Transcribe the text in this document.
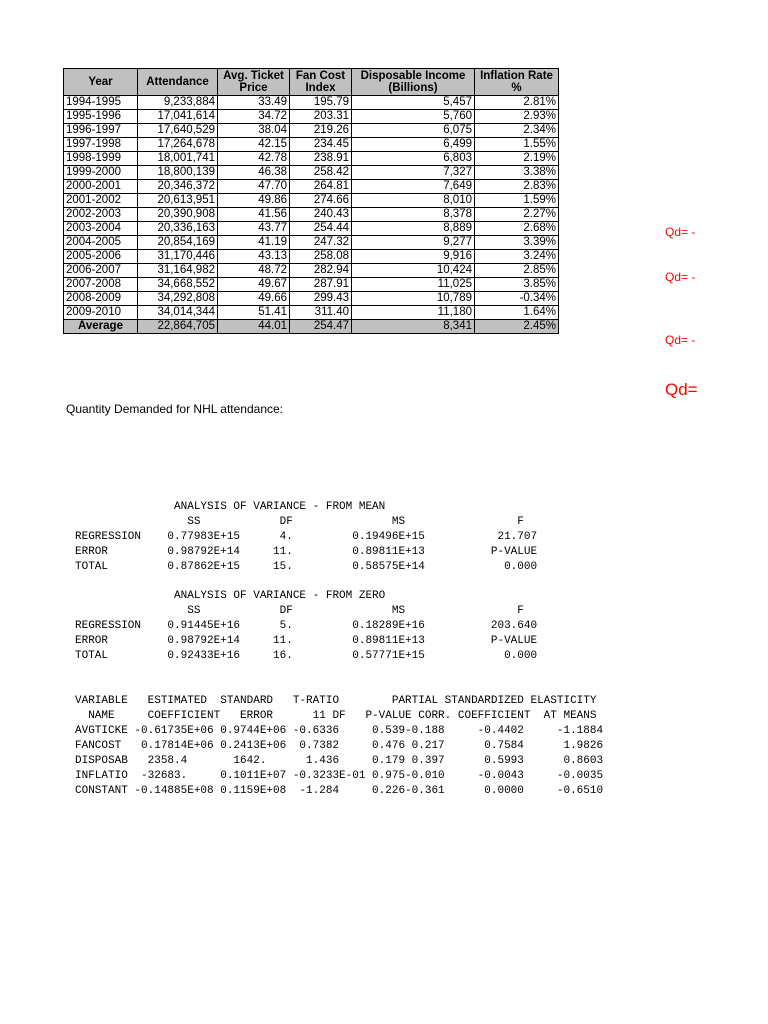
Year	Attendance	Avg. Ticket Price	Fan Cost Index	Disposable Income (Billions)	Inflation Rate %
1994-1995	9,233,884	33.49	195.79	5,457	2.81%
1995-1996	17,041,614	34.72	203.31	5,760	2.93%
1996-1997	17,640,529	38.04	219.26	6,075	2.34%
1997-1998	17,264,678	42.15	234.45	6,499	1.55%
1998-1999	18,001,741	42.78	238.91	6,803	2.19%
1999-2000	18,800,139	46.38	258.42	7,327	3.38%
2000-2001	20,346,372	47.70	264.81	7,649	2.83%
2001-2002	20,613,951	49.86	274.66	8,010	1.59%
2002-2003	20,390,908	41.56	240.43	8,378	2.27%
2003-2004	20,336,163	43.77	254.44	8,889	2.68%
2004-2005	20,854,169	41.19	247.32	9,277	3.39%
2005-2006	31,170,446	43.13	258.08	9,916	3.24%
2006-2007	31,164,982	48.72	282.94	10,424	2.85%
2007-2008	34,668,552	49.67	287.91	11,025	3.85%
2008-2009	34,292,808	49.66	299.43	10,789	-0.34%
2009-2010	34,014,344	51.41	311.40	11,180	1.64%
Average	22,864,705	44.01	254.47	8,341	2.45%
Qd= -
Qd= -
Qd= -
Qd=
Quantity Demanded for NHL attendance:
ANALYSIS OF VARIANCE - FROM MEAN
SS            DF               MS                 F
REGRESSION    0.77983E+15      4.         0.19496E+15           21.707
ERROR         0.98792E+14     11.         0.89811E+13          P-VALUE
TOTAL         0.87862E+15     15.         0.58575E+14            0.000
ANALYSIS OF VARIANCE - FROM ZERO
SS            DF               MS                 F
REGRESSION    0.91445E+16      5.         0.18289E+16          203.640
ERROR         0.98792E+14     11.         0.89811E+13          P-VALUE
TOTAL         0.92433E+16     16.         0.57771E+15            0.000
VARIABLE   ESTIMATED  STANDARD   T-RATIO        PARTIAL STANDARDIZED ELASTICITY
NAME     COEFFICIENT   ERROR      11 DF   P-VALUE CORR. COEFFICIENT  AT MEANS
AVGTICKE -0.61735E+06 0.9744E+06 -0.6336     0.539-0.188     -0.4402     -1.1884
FANCOST   0.17814E+06 0.2413E+06  0.7382     0.476 0.217      0.7584      1.9826
DISPOSAB   2358.4       1642.      1.436     0.179 0.397      0.5993      0.8603
INFLATIO  -32683.     0.1011E+07 -0.3233E-01 0.975-0.010     -0.0043     -0.0035
CONSTANT -0.14885E+08 0.1159E+08  -1.284     0.226-0.361      0.0000     -0.6510
